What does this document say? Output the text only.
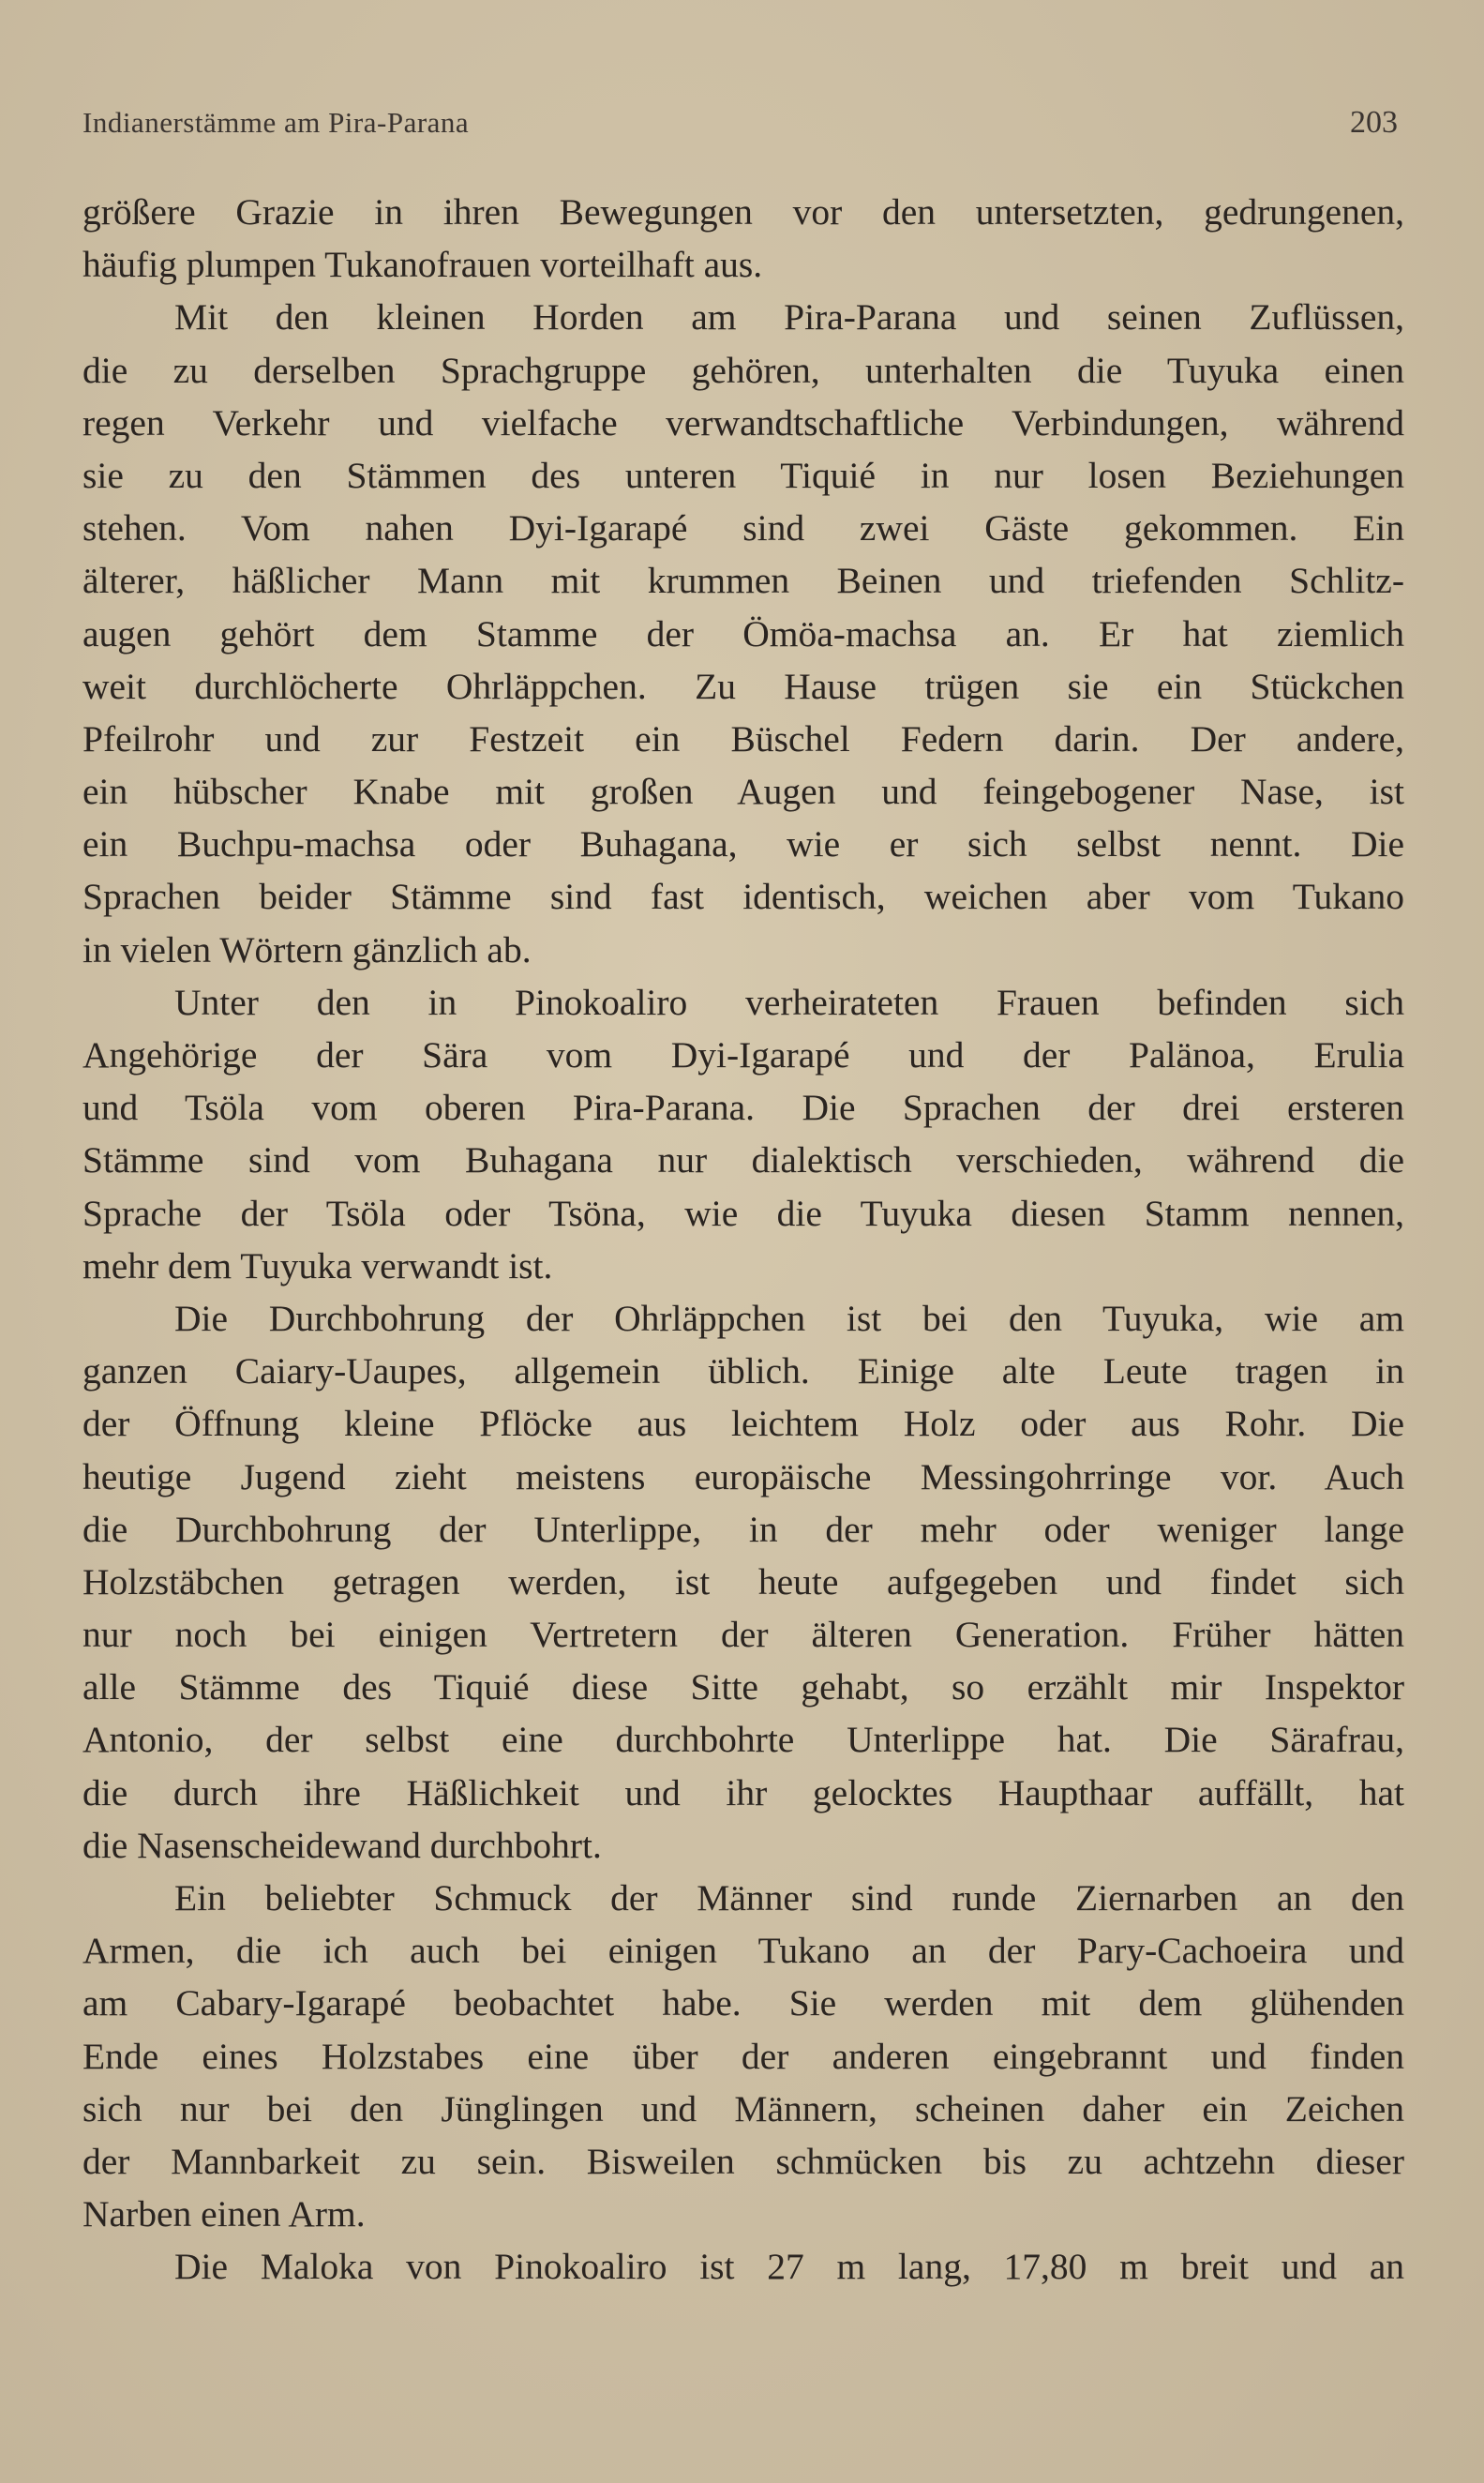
Indianerstämme am Pira-Parana	203
größere Grazie in ihren Bewegungen vor den untersetzten, gedrungenen,
häufig plumpen Tukanofrauen vorteilhaft aus.
Mit den kleinen Horden am Pira-Parana und seinen Zuflüssen,
die zu derselben Sprachgruppe gehören, unterhalten die Tuyuka einen
regen Verkehr und vielfache verwandtschaftliche Verbindungen, während
sie zu den Stämmen des unteren Tiquié in nur losen Beziehungen
stehen. Vom nahen Dyi-Igarapé sind zwei Gäste gekommen. Ein
älterer, häßlicher Mann mit krummen Beinen und triefenden Schlitz-
augen gehört dem Stamme der Ömöa-machsa an. Er hat ziemlich
weit durchlöcherte Ohrläppchen. Zu Hause trügen sie ein Stückchen
Pfeilrohr und zur Festzeit ein Büschel Federn darin. Der andere,
ein hübscher Knabe mit großen Augen und feingebogener Nase, ist
ein Buchpu-machsa oder Buhagana, wie er sich selbst nennt. Die
Sprachen beider Stämme sind fast identisch, weichen aber vom Tukano
in vielen Wörtern gänzlich ab.
Unter den in Pinokoaliro verheirateten Frauen befinden sich
Angehörige der Sära vom Dyi-Igarapé und der Palänoa, Erulia
und Tsöla vom oberen Pira-Parana. Die Sprachen der drei ersteren
Stämme sind vom Buhagana nur dialektisch verschieden, während die
Sprache der Tsöla oder Tsöna, wie die Tuyuka diesen Stamm nennen,
mehr dem Tuyuka verwandt ist.
Die Durchbohrung der Ohrläppchen ist bei den Tuyuka, wie am
ganzen Caiary-Uaupes, allgemein üblich. Einige alte Leute tragen in
der Öffnung kleine Pflöcke aus leichtem Holz oder aus Rohr. Die
heutige Jugend zieht meistens europäische Messingohrringe vor. Auch
die Durchbohrung der Unterlippe, in der mehr oder weniger lange
Holzstäbchen getragen werden, ist heute aufgegeben und findet sich
nur noch bei einigen Vertretern der älteren Generation. Früher hätten
alle Stämme des Tiquié diese Sitte gehabt, so erzählt mir Inspektor
Antonio, der selbst eine durchbohrte Unterlippe hat. Die Särafrau,
die durch ihre Häßlichkeit und ihr gelocktes Haupthaar auffällt, hat
die Nasenscheidewand durchbohrt.
Ein beliebter Schmuck der Männer sind runde Ziernarben an den
Armen, die ich auch bei einigen Tukano an der Pary-Cachoeira und
am Cabary-Igarapé beobachtet habe. Sie werden mit dem glühenden
Ende eines Holzstabes eine über der anderen eingebrannt und finden
sich nur bei den Jünglingen und Männern, scheinen daher ein Zeichen
der Mannbarkeit zu sein. Bisweilen schmücken bis zu achtzehn dieser
Narben einen Arm.
Die Maloka von Pinokoaliro ist 27 m lang, 17,80 m breit und an
